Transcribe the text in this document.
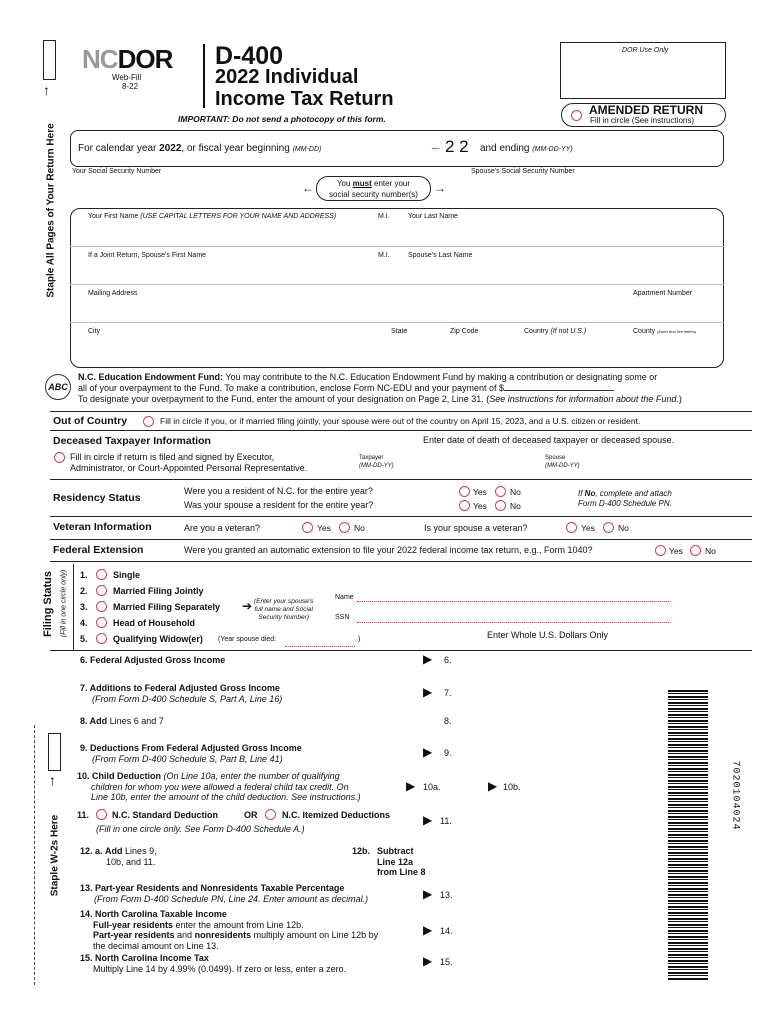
↑
Staple All Pages of Your Return Here
↑
Staple W-2s Here
NCDOR
Web-Fill
8-22
D-400
2022 Individual
Income Tax Return
IMPORTANT: Do not send a photocopy of this form.
DOR Use Only
AMENDED RETURN
Fill in circle (See instructions)
For calendar year 2022, or fiscal year beginning (MM-DD)	– 2 2 and ending (MM-DD-YY)
Your Social Security Number	Spouse's Social Security Number
←	You must enter your
social security number(s)	→
Your First Name (USE CAPITAL LETTERS FOR YOUR NAME AND ADDRESS)	M.I.	Your Last Name
If a Joint Return, Spouse's First Name	M.I.	Spouse's Last Name
Mailing Address	Apartment Number
City	State	Zip Code	Country (If not U.S.)	County (Enter first five letters)
ABC
N.C. Education Endowment Fund: You may contribute to the N.C. Education Endowment Fund by making a contribution or designating some or
all of your overpayment to the Fund. To make a contribution, enclose Form NC-EDU and your payment of $
To designate your overpayment to the Fund, enter the amount of your designation on Page 2, Line 31. (See instructions for information about the Fund.)
Out of Country	Fill in circle if you, or if married filing jointly, your spouse were out of the country on April 15, 2023, and a U.S. citizen or resident.
Deceased Taxpayer Information	Enter date of death of deceased taxpayer or deceased spouse.
Fill in circle if return is filed and signed by Executor,
Administrator, or Court-Appointed Personal Representative.
Taxpayer
(MM-DD-YY)
Spouse
(MM-DD-YY)
Residency Status
Were you a resident of N.C. for the entire year?
Was your spouse a resident for the entire year?
Yes	No
Yes	No
If No, complete and attach
Form D-400 Schedule PN.
Veteran Information	Are you a veteran?	Yes	No	Is your spouse a veteran?	Yes	No
Federal Extension	Were you granted an automatic extension to file your 2022 federal income tax return, e.g., Form 1040?	Yes	No
Filing Status (Fill in one circle only) 1.	Single
2.	Married Filing Jointly
3.	Married Filing Separately ➔ (Enter your spouse's
full name and Social
Security Number)
Name
SSN
4.	Head of Household
5.	Qualifying Widow(er) (Year spouse died:	)	Enter Whole U.S. Dollars Only
6. Federal Adjusted Gross Income	▶ 6.
7. Additions to Federal Adjusted Gross Income
(From Form D-400 Schedule S, Part A, Line 16)	▶ 7.
8. Add Lines 6 and 7	8.
9. Deductions From Federal Adjusted Gross Income
(From Form D-400 Schedule S, Part B, Line 41)	▶ 9.
10. Child Deduction (On Line 10a, enter the number of qualifying
children for whom you were allowed a federal child tax credit. On
Line 10b, enter the amount of the child deduction. See instructions.)
▶ 10a.	▶ 10b.
11.	N.C. Standard Deduction	OR	N.C. Itemized Deductions
(Fill in one circle only. See Form D-400 Schedule A.)
▶ 11.
12. a. Add Lines 9,
10b, and 11.
12b. Subtract
Line 12a
from Line 8
13. Part-year Residents and Nonresidents Taxable Percentage
(From Form D-400 Schedule PN, Line 24. Enter amount as decimal.)	▶ 13.
14. North Carolina Taxable Income
Full-year residents enter the amount from Line 12b.
Part-year residents and nonresidents multiply amount on Line 12b by
the decimal amount on Line 13.
▶ 14.
15. North Carolina Income Tax
Multiply Line 14 by 4.99% (0.0499). If zero or less, enter a zero.
▶ 15.
7020104024
